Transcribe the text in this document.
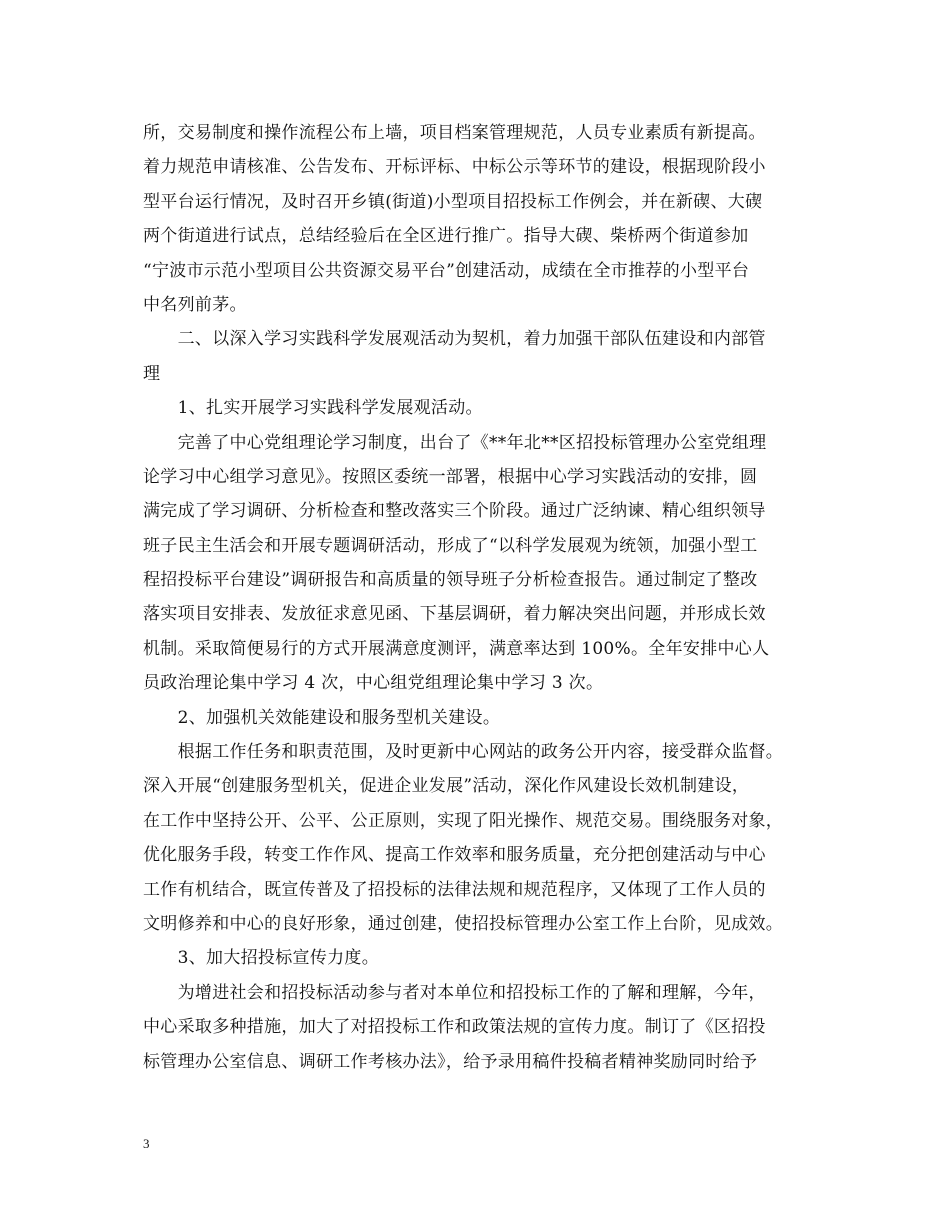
所，交易制度和操作流程公布上墙，项目档案管理规范，人员专业素质有新提高。
着力规范申请核准、公告发布、开标评标、中标公示等环节的建设，根据现阶段小
型平台运行情况，及时召开乡镇(街道)小型项目招投标工作例会，并在新碶、大碶
两个街道进行试点，总结经验后在全区进行推广。指导大碶、柴桥两个街道参加
“宁波市示范小型项目公共资源交易平台”创建活动，成绩在全市推荐的小型平台
中名列前茅。
　　二、以深入学习实践科学发展观活动为契机，着力加强干部队伍建设和内部管
理
　　1、扎实开展学习实践科学发展观活动。
　　完善了中心党组理论学习制度，出台了《**年北**区招投标管理办公室党组理
论学习中心组学习意见》。按照区委统一部署，根据中心学习实践活动的安排，圆
满完成了学习调研、分析检查和整改落实三个阶段。通过广泛纳谏、精心组织领导
班子民主生活会和开展专题调研活动，形成了“以科学发展观为统领，加强小型工
程招投标平台建设”调研报告和高质量的领导班子分析检查报告。通过制定了整改
落实项目安排表、发放征求意见函、下基层调研，着力解决突出问题，并形成长效
机制。采取简便易行的方式开展满意度测评，满意率达到 100%。全年安排中心人
员政治理论集中学习 4 次，中心组党组理论集中学习 3 次。
　　2、加强机关效能建设和服务型机关建设。
　　根据工作任务和职责范围，及时更新中心网站的政务公开内容，接受群众监督。
深入开展“创建服务型机关，促进企业发展”活动，深化作风建设长效机制建设，
在工作中坚持公开、公平、公正原则，实现了阳光操作、规范交易。围绕服务对象，
优化服务手段，转变工作作风、提高工作效率和服务质量，充分把创建活动与中心
工作有机结合，既宣传普及了招投标的法律法规和规范程序，又体现了工作人员的
文明修养和中心的良好形象，通过创建，使招投标管理办公室工作上台阶，见成效。
　　3、加大招投标宣传力度。
　　为增进社会和招投标活动参与者对本单位和招投标工作的了解和理解，今年，
中心采取多种措施，加大了对招投标工作和政策法规的宣传力度。制订了《区招投
标管理办公室信息、调研工作考核办法》，给予录用稿件投稿者精神奖励同时给予
3
